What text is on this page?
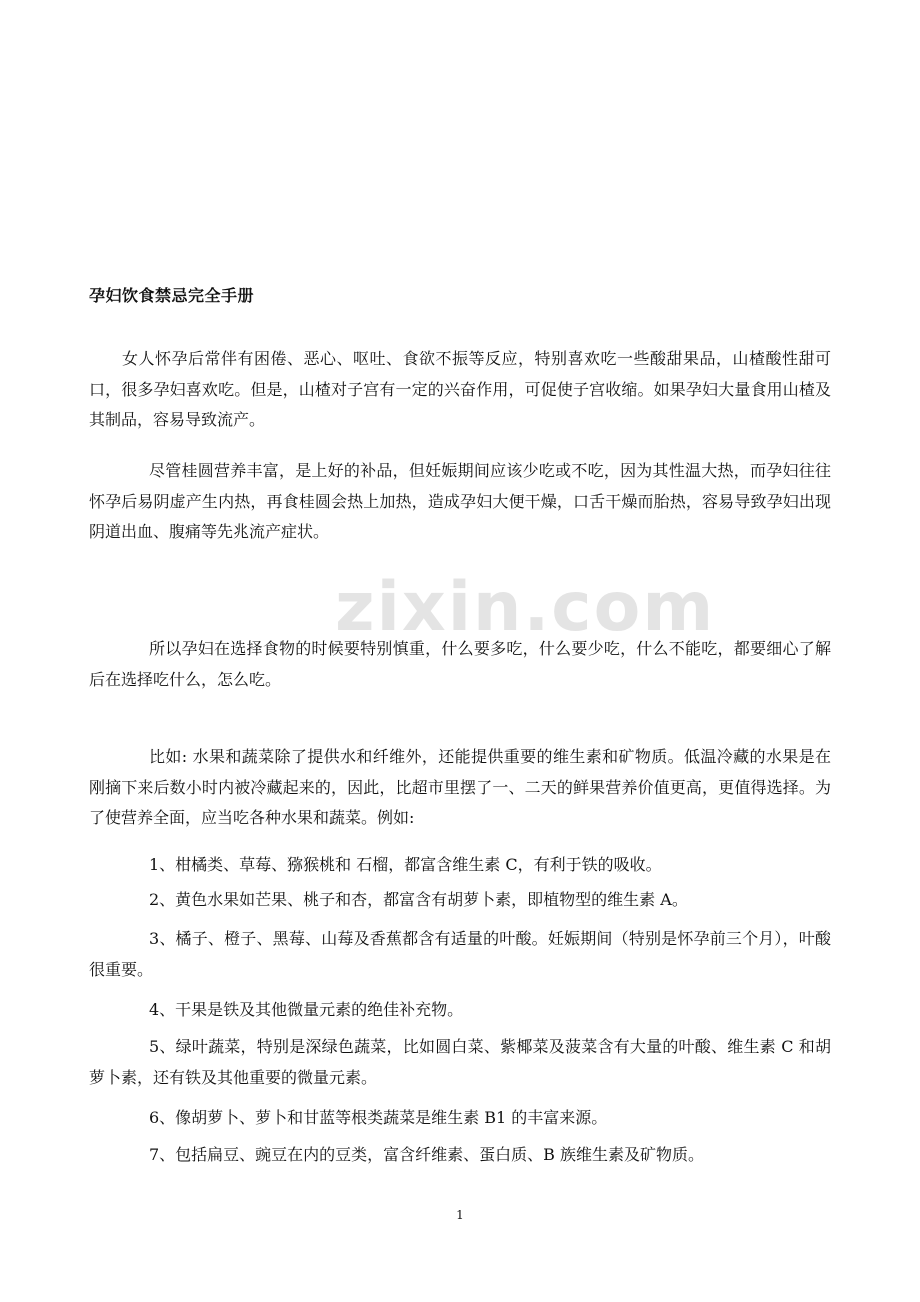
孕妇饮食禁忌完全手册

女人怀孕后常伴有困倦、恶心、呕吐、食欲不振等反应，特别喜欢吃一些酸甜果品，山楂酸性甜可口，很多孕妇喜欢吃。但是，山楂对子宫有一定的兴奋作用，可促使子宫收缩。如果孕妇大量食用山楂及其制品，容易导致流产。

尽管桂圆营养丰富，是上好的补品，但妊娠期间应该少吃或不吃，因为其性温大热，而孕妇往往怀孕后易阴虚产生内热，再食桂圆会热上加热，造成孕妇大便干燥，口舌干燥而胎热，容易导致孕妇出现阴道出血、腹痛等先兆流产症状。

zixin.com

所以孕妇在选择食物的时候要特别慎重，什么要多吃，什么要少吃，什么不能吃，都要细心了解后在选择吃什么，怎么吃。

比如: 水果和蔬菜除了提供水和纤维外，还能提供重要的维生素和矿物质。低温冷藏的水果是在刚摘下来后数小时内被冷藏起来的，因此，比超市里摆了一、二天的鲜果营养价值更高，更值得选择。为了使营养全面，应当吃各种水果和蔬菜。例如:

1、柑橘类、草莓、猕猴桃和 石榴，都富含维生素 C，有利于铁的吸收。

2、黄色水果如芒果、桃子和杏，都富含有胡萝卜素，即植物型的维生素 A。

3、橘子、橙子、黑莓、山莓及香蕉都含有适量的叶酸。妊娠期间（特别是怀孕前三个月），叶酸很重要。

4、干果是铁及其他微量元素的绝佳补充物。

5、绿叶蔬菜，特别是深绿色蔬菜，比如圆白菜、紫椰菜及菠菜含有大量的叶酸、维生素 C 和胡萝卜素，还有铁及其他重要的微量元素。

6、像胡萝卜、萝卜和甘蓝等根类蔬菜是维生素 B1 的丰富来源。

7、包括扁豆、豌豆在内的豆类，富含纤维素、蛋白质、B 族维生素及矿物质。

1
